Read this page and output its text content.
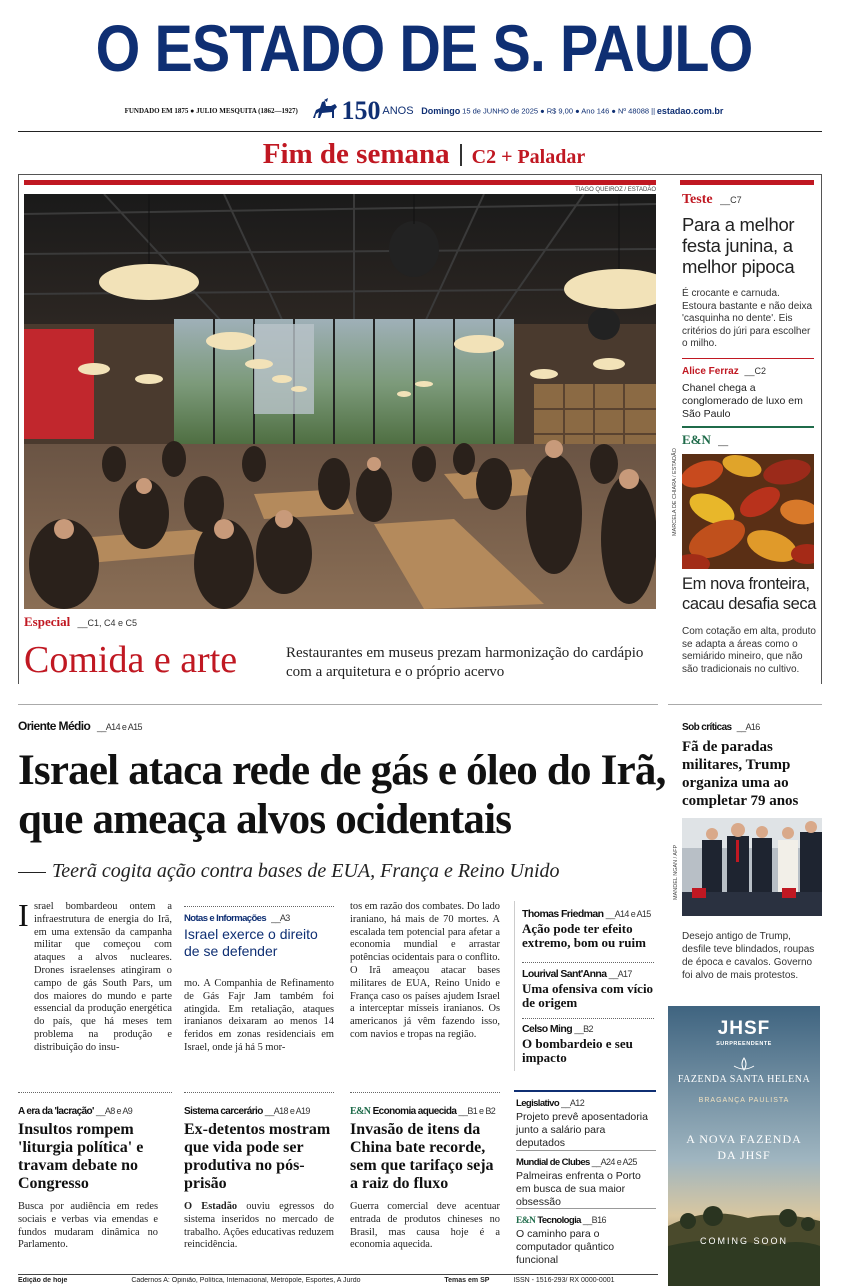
O ESTADO DE S. PAULO
FUNDADO EM 1875 ● JULIO MESQUITA (1862—1927) 150 ANOS Domingo 15 de JUNHO de 2025 ● R$ 9,00 ● Ano 146 ● Nº 48088 || estadao.com.br
Fim de semana C2 + Paladar
TIAGO QUEIROZ / ESTADÃO
Especial __C1, C4 e C5
Comida e arte	Restaurantes em museus prezam harmonização do cardápio com a arquitetura e o próprio acervo
Teste __C7
Para a melhor festa junina, a melhor pipoca
É crocante e carnuda. Estoura bastante e não deixa 'casquinha no dente'. Eis critérios do júri para escolher o milho.
Alice Ferraz __C2
Chanel chega a conglomerado de luxo em São Paulo
E&N __
MARCELA DE CHIARA / ESTADÃO
Em nova fronteira, cacau desafia seca
Com cotação em alta, produto se adapta a áreas como o semiárido mineiro, que não são tradicionais no cultivo.
Oriente Médio __A14 e A15
Israel ataca rede de gás e óleo do Irã, que ameaça alvos ocidentais
Teerã cogita ação contra bases de EUA, França e Reino Unido
I srael bombardeou ontem a infraestrutura de energia do Irã, em uma extensão da campanha militar que começou com ataques a alvos nucleares. Drones israelenses atingiram o campo de gás South Pars, um dos maiores do mundo e parte essencial da produção energética do país, que há meses tem problema na produção e distribuição do insu-
Notas e Informações __A3
Israel exerce o direito de se defender
mo. A Companhia de Refinamento de Gás Fajr Jam também foi atingida. Em retaliação, ataques iranianos deixaram ao menos 14 feridos em zonas residenciais em Israel, onde já há 5 mor-
tos em razão dos combates. Do lado iraniano, há mais de 70 mortes. A escalada tem potencial para afetar a economia mundial e arrastar potências ocidentais para o conflito. O Irã ameaçou atacar bases militares de EUA, Reino Unido e França caso os países ajudem Israel a interceptar mísseis iranianos. Os americanos já vêm fazendo isso, com navios e tropas na região.
Thomas Friedman __A14 e A15
Ação pode ter efeito extremo, bom ou ruim
Lourival Sant'Anna __A17
Uma ofensiva com vício de origem
Celso Ming __B2
O bombardeio e seu impacto
Sob críticas __A16
Fã de paradas militares, Trump organiza uma ao completar 79 anos
MANDEL NGAN / AFP
Desejo antigo de Trump, desfile teve blindados, roupas de época e cavalos. Governo foi alvo de mais protestos.
JHSF
SURPREENDENTE
FAZENDA SANTA HELENA
BRAGANÇA PAULISTA
A NOVA FAZENDA
DA JHSF
COMING SOON
A era da 'lacração' __A8 e A9
Insultos rompem 'liturgia política' e travam debate no Congresso
Busca por audiência em redes sociais e verbas via emendas e fundos mudaram dinâmica no Parlamento.
Sistema carcerário __A18 e A19
Ex-detentos mostram que vida pode ser produtiva no pós-prisão
O Estadão ouviu egressos do sistema inseridos no mercado de trabalho. Ações educativas reduzem reincidência.
E&N Economia aquecida __B1 e B2
Invasão de itens da China bate recorde, sem que tarifaço seja a raiz do fluxo
Guerra comercial deve acentuar entrada de produtos chineses no Brasil, mas causa hoje é a economia aquecida.
Legislativo __A12
Projeto prevê aposentadoria junto a salário para deputados
Mundial de Clubes __A24 e A25
Palmeiras enfrenta o Porto em busca de sua maior obsessão
E&N Tecnologia __B16
O caminho para o computador quântico funcional
Edição de hoje	Cadernos A: Opinião, Política, Internacional, Metrópole, Esportes, A Jurdo	Temas em SP	ISSN - 1516-293/ RX 0000-0001
